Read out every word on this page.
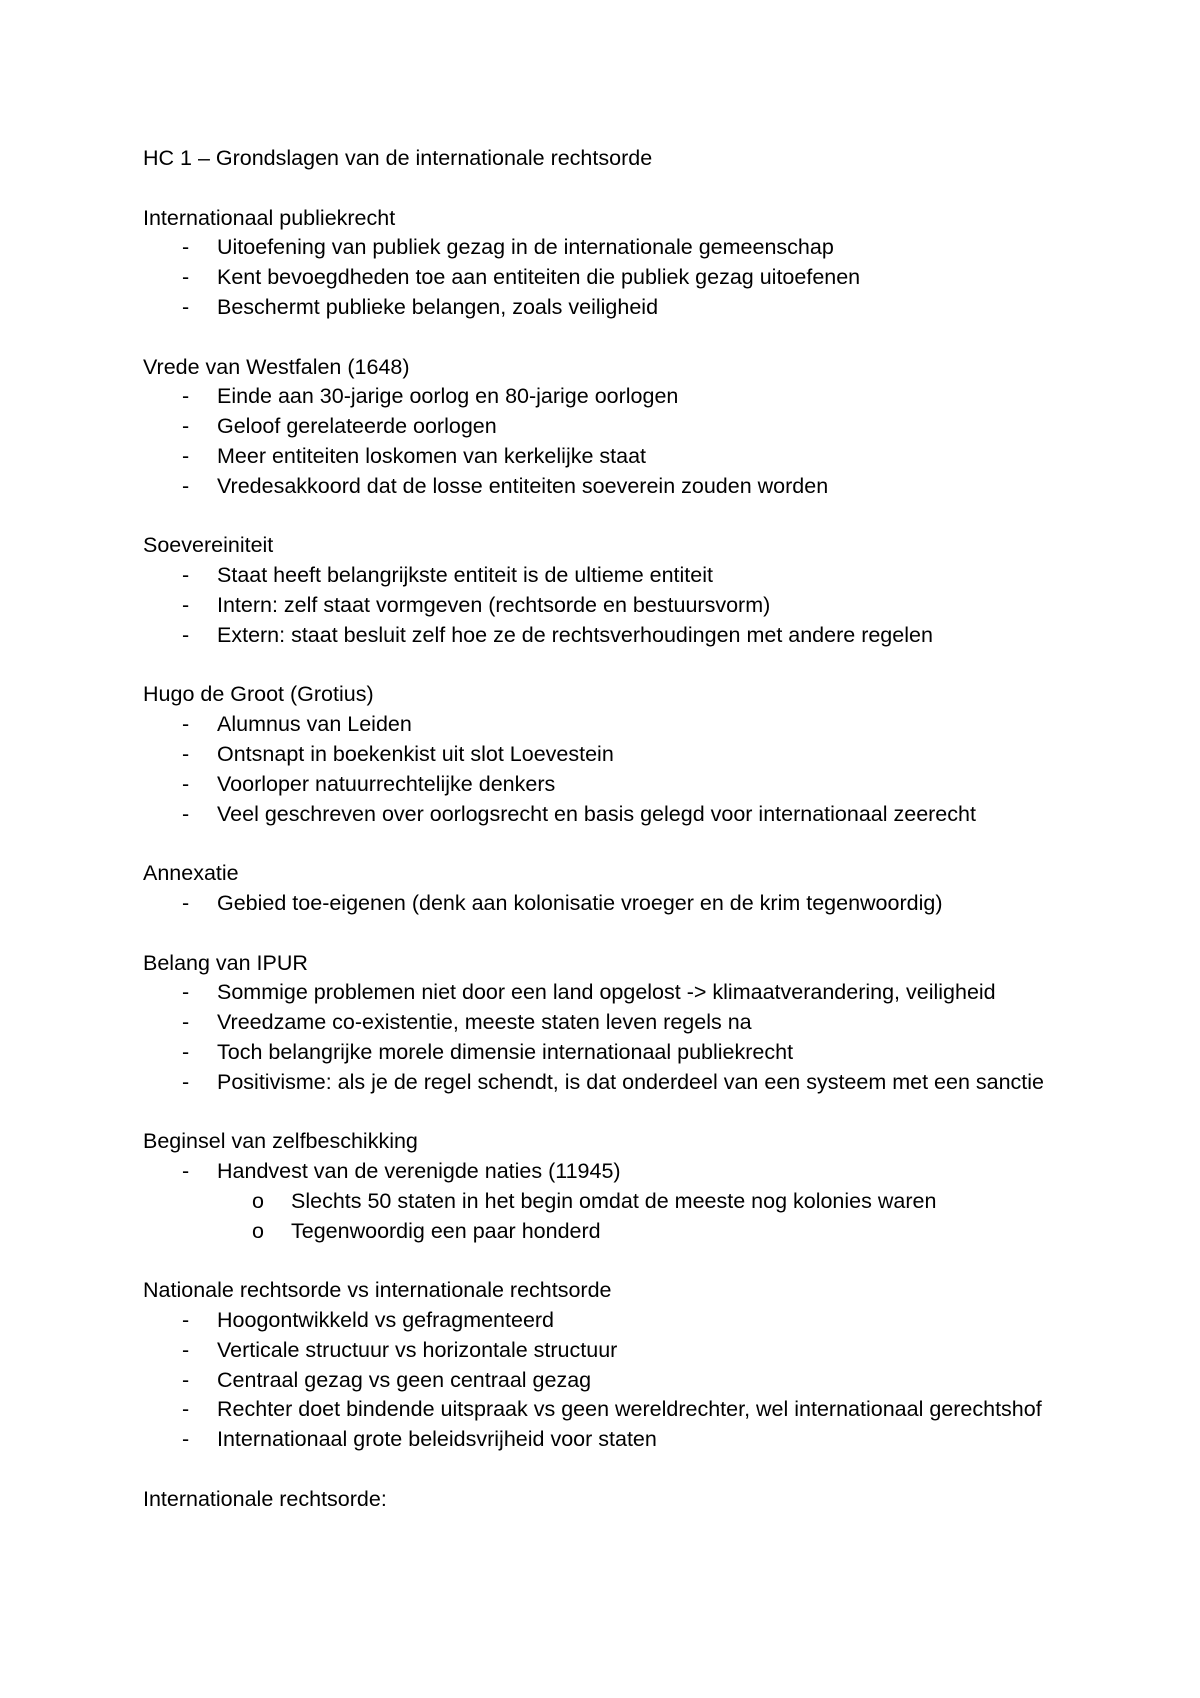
HC 1 – Grondslagen van de internationale rechtsorde
Internationaal publiekrecht
- Uitoefening van publiek gezag in de internationale gemeenschap
- Kent bevoegdheden toe aan entiteiten die publiek gezag uitoefenen
- Beschermt publieke belangen, zoals veiligheid
Vrede van Westfalen (1648)
- Einde aan 30-jarige oorlog en 80-jarige oorlogen
- Geloof gerelateerde oorlogen
- Meer entiteiten loskomen van kerkelijke staat
- Vredesakkoord dat de losse entiteiten soeverein zouden worden
Soevereiniteit
- Staat heeft belangrijkste entiteit is de ultieme entiteit
- Intern: zelf staat vormgeven (rechtsorde en bestuursvorm)
- Extern: staat besluit zelf hoe ze de rechtsverhoudingen met andere regelen
Hugo de Groot (Grotius)
- Alumnus van Leiden
- Ontsnapt in boekenkist uit slot Loevestein
- Voorloper natuurrechtelijke denkers
- Veel geschreven over oorlogsrecht en basis gelegd voor internationaal zeerecht
Annexatie
- Gebied toe-eigenen (denk aan kolonisatie vroeger en de krim tegenwoordig)
Belang van IPUR
- Sommige problemen niet door een land opgelost -> klimaatverandering, veiligheid
- Vreedzame co-existentie, meeste staten leven regels na
- Toch belangrijke morele dimensie internationaal publiekrecht
- Positivisme: als je de regel schendt, is dat onderdeel van een systeem met een sanctie
Beginsel van zelfbeschikking
- Handvest van de verenigde naties (11945)
o Slechts 50 staten in het begin omdat de meeste nog kolonies waren
o Tegenwoordig een paar honderd
Nationale rechtsorde vs internationale rechtsorde
- Hoogontwikkeld vs gefragmenteerd
- Verticale structuur vs horizontale structuur
- Centraal gezag vs geen centraal gezag
- Rechter doet bindende uitspraak vs geen wereldrechter, wel internationaal gerechtshof
- Internationaal grote beleidsvrijheid voor staten
Internationale rechtsorde:
